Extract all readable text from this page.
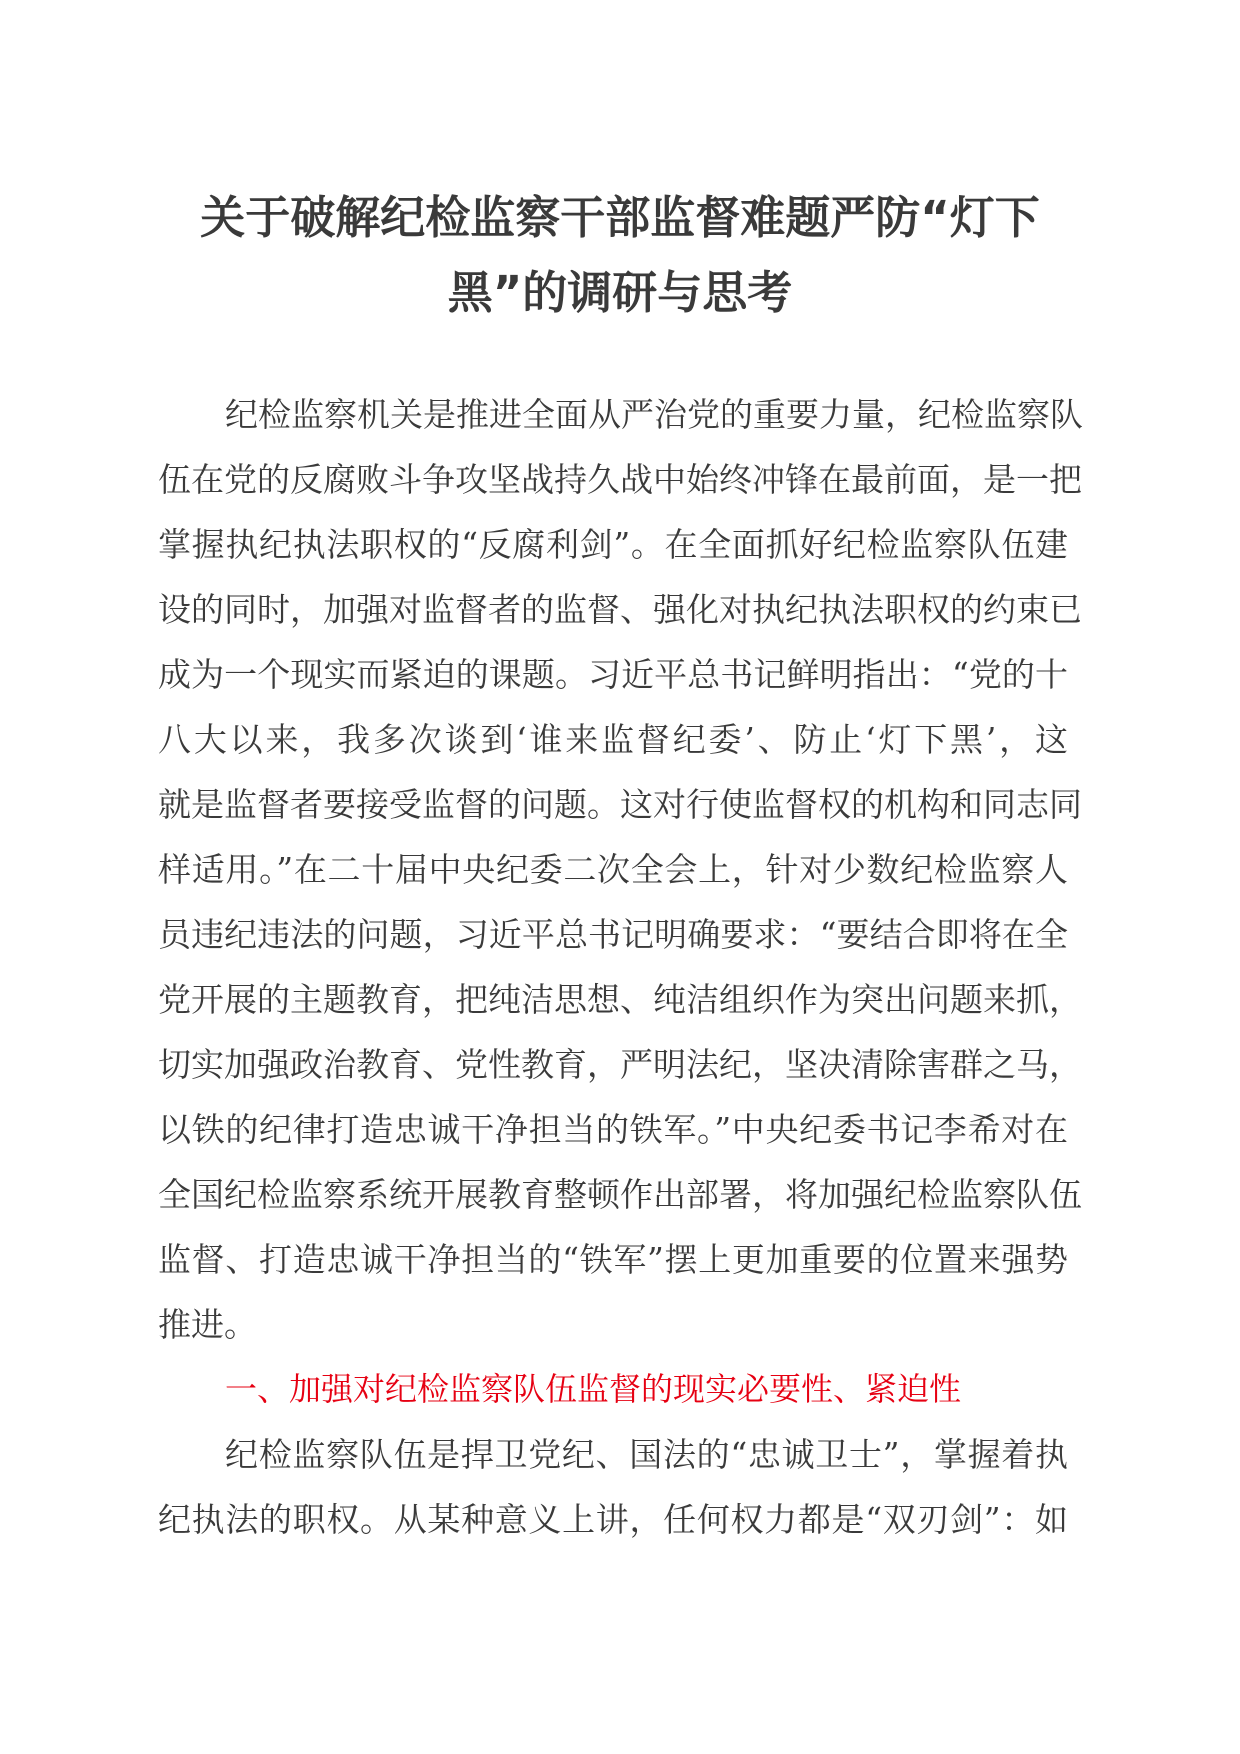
关于破解纪检监察干部监督难题严防“灯下
黑”的调研与思考
纪检监察机关是推进全面从严治党的重要力量，纪检监察队
伍在党的反腐败斗争攻坚战持久战中始终冲锋在最前面，是一把
掌握执纪执法职权的“反腐利剑”。在全面抓好纪检监察队伍建
设的同时，加强对监督者的监督、强化对执纪执法职权的约束已
成为一个现实而紧迫的课题。习近平总书记鲜明指出：“党的十
八大以来，我多次谈到‘谁来监督纪委’、防止‘灯下黑’，这
就是监督者要接受监督的问题。这对行使监督权的机构和同志同
样适用。”在二十届中央纪委二次全会上，针对少数纪检监察人
员违纪违法的问题，习近平总书记明确要求：“要结合即将在全
党开展的主题教育，把纯洁思想、纯洁组织作为突出问题来抓，
切实加强政治教育、党性教育，严明法纪，坚决清除害群之马，
以铁的纪律打造忠诚干净担当的铁军。”中央纪委书记李希对在
全国纪检监察系统开展教育整顿作出部署，将加强纪检监察队伍
监督、打造忠诚干净担当的“铁军”摆上更加重要的位置来强势
推进。
一、加强对纪检监察队伍监督的现实必要性、紧迫性
纪检监察队伍是捍卫党纪、国法的“忠诚卫士”，掌握着执
纪执法的职权。从某种意义上讲，任何权力都是“双刃剑”：如
